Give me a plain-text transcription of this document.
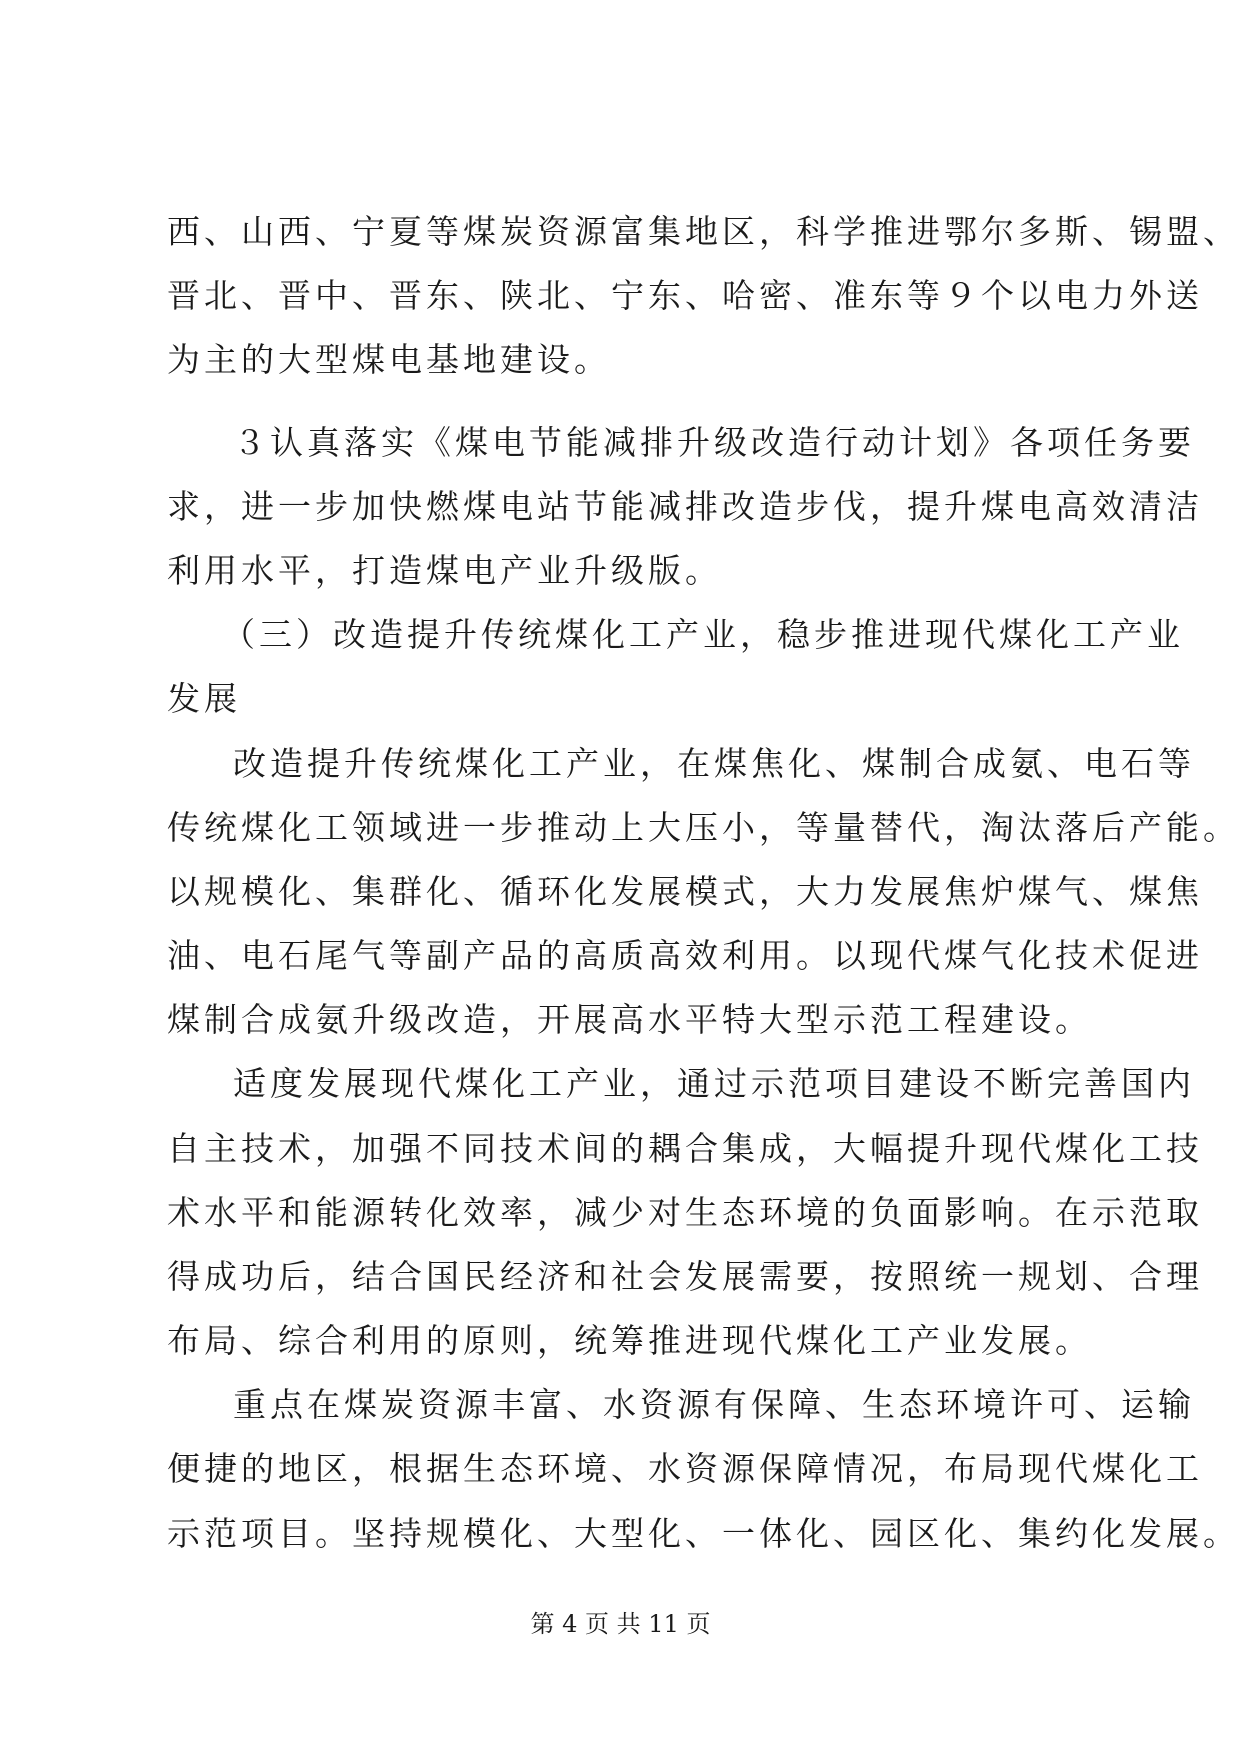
西、山西、宁夏等煤炭资源富集地区，科学推进鄂尔多斯、锡盟、
晋北、晋中、晋东、陕北、宁东、哈密、准东等９个以电力外送
为主的大型煤电基地建设。
３认真落实《煤电节能减排升级改造行动计划》各项任务要
求，进一步加快燃煤电站节能减排改造步伐，提升煤电高效清洁
利用水平，打造煤电产业升级版。
（三）改造提升传统煤化工产业，稳步推进现代煤化工产业
发展
改造提升传统煤化工产业，在煤焦化、煤制合成氨、电石等
传统煤化工领域进一步推动上大压小，等量替代，淘汰落后产能。
以规模化、集群化、循环化发展模式，大力发展焦炉煤气、煤焦
油、电石尾气等副产品的高质高效利用。以现代煤气化技术促进
煤制合成氨升级改造，开展高水平特大型示范工程建设。
适度发展现代煤化工产业，通过示范项目建设不断完善国内
自主技术，加强不同技术间的耦合集成，大幅提升现代煤化工技
术水平和能源转化效率，减少对生态环境的负面影响。在示范取
得成功后，结合国民经济和社会发展需要，按照统一规划、合理
布局、综合利用的原则，统筹推进现代煤化工产业发展。
重点在煤炭资源丰富、水资源有保障、生态环境许可、运输
便捷的地区，根据生态环境、水资源保障情况，布局现代煤化工
示范项目。坚持规模化、大型化、一体化、园区化、集约化发展。
第 4 页 共 11 页
